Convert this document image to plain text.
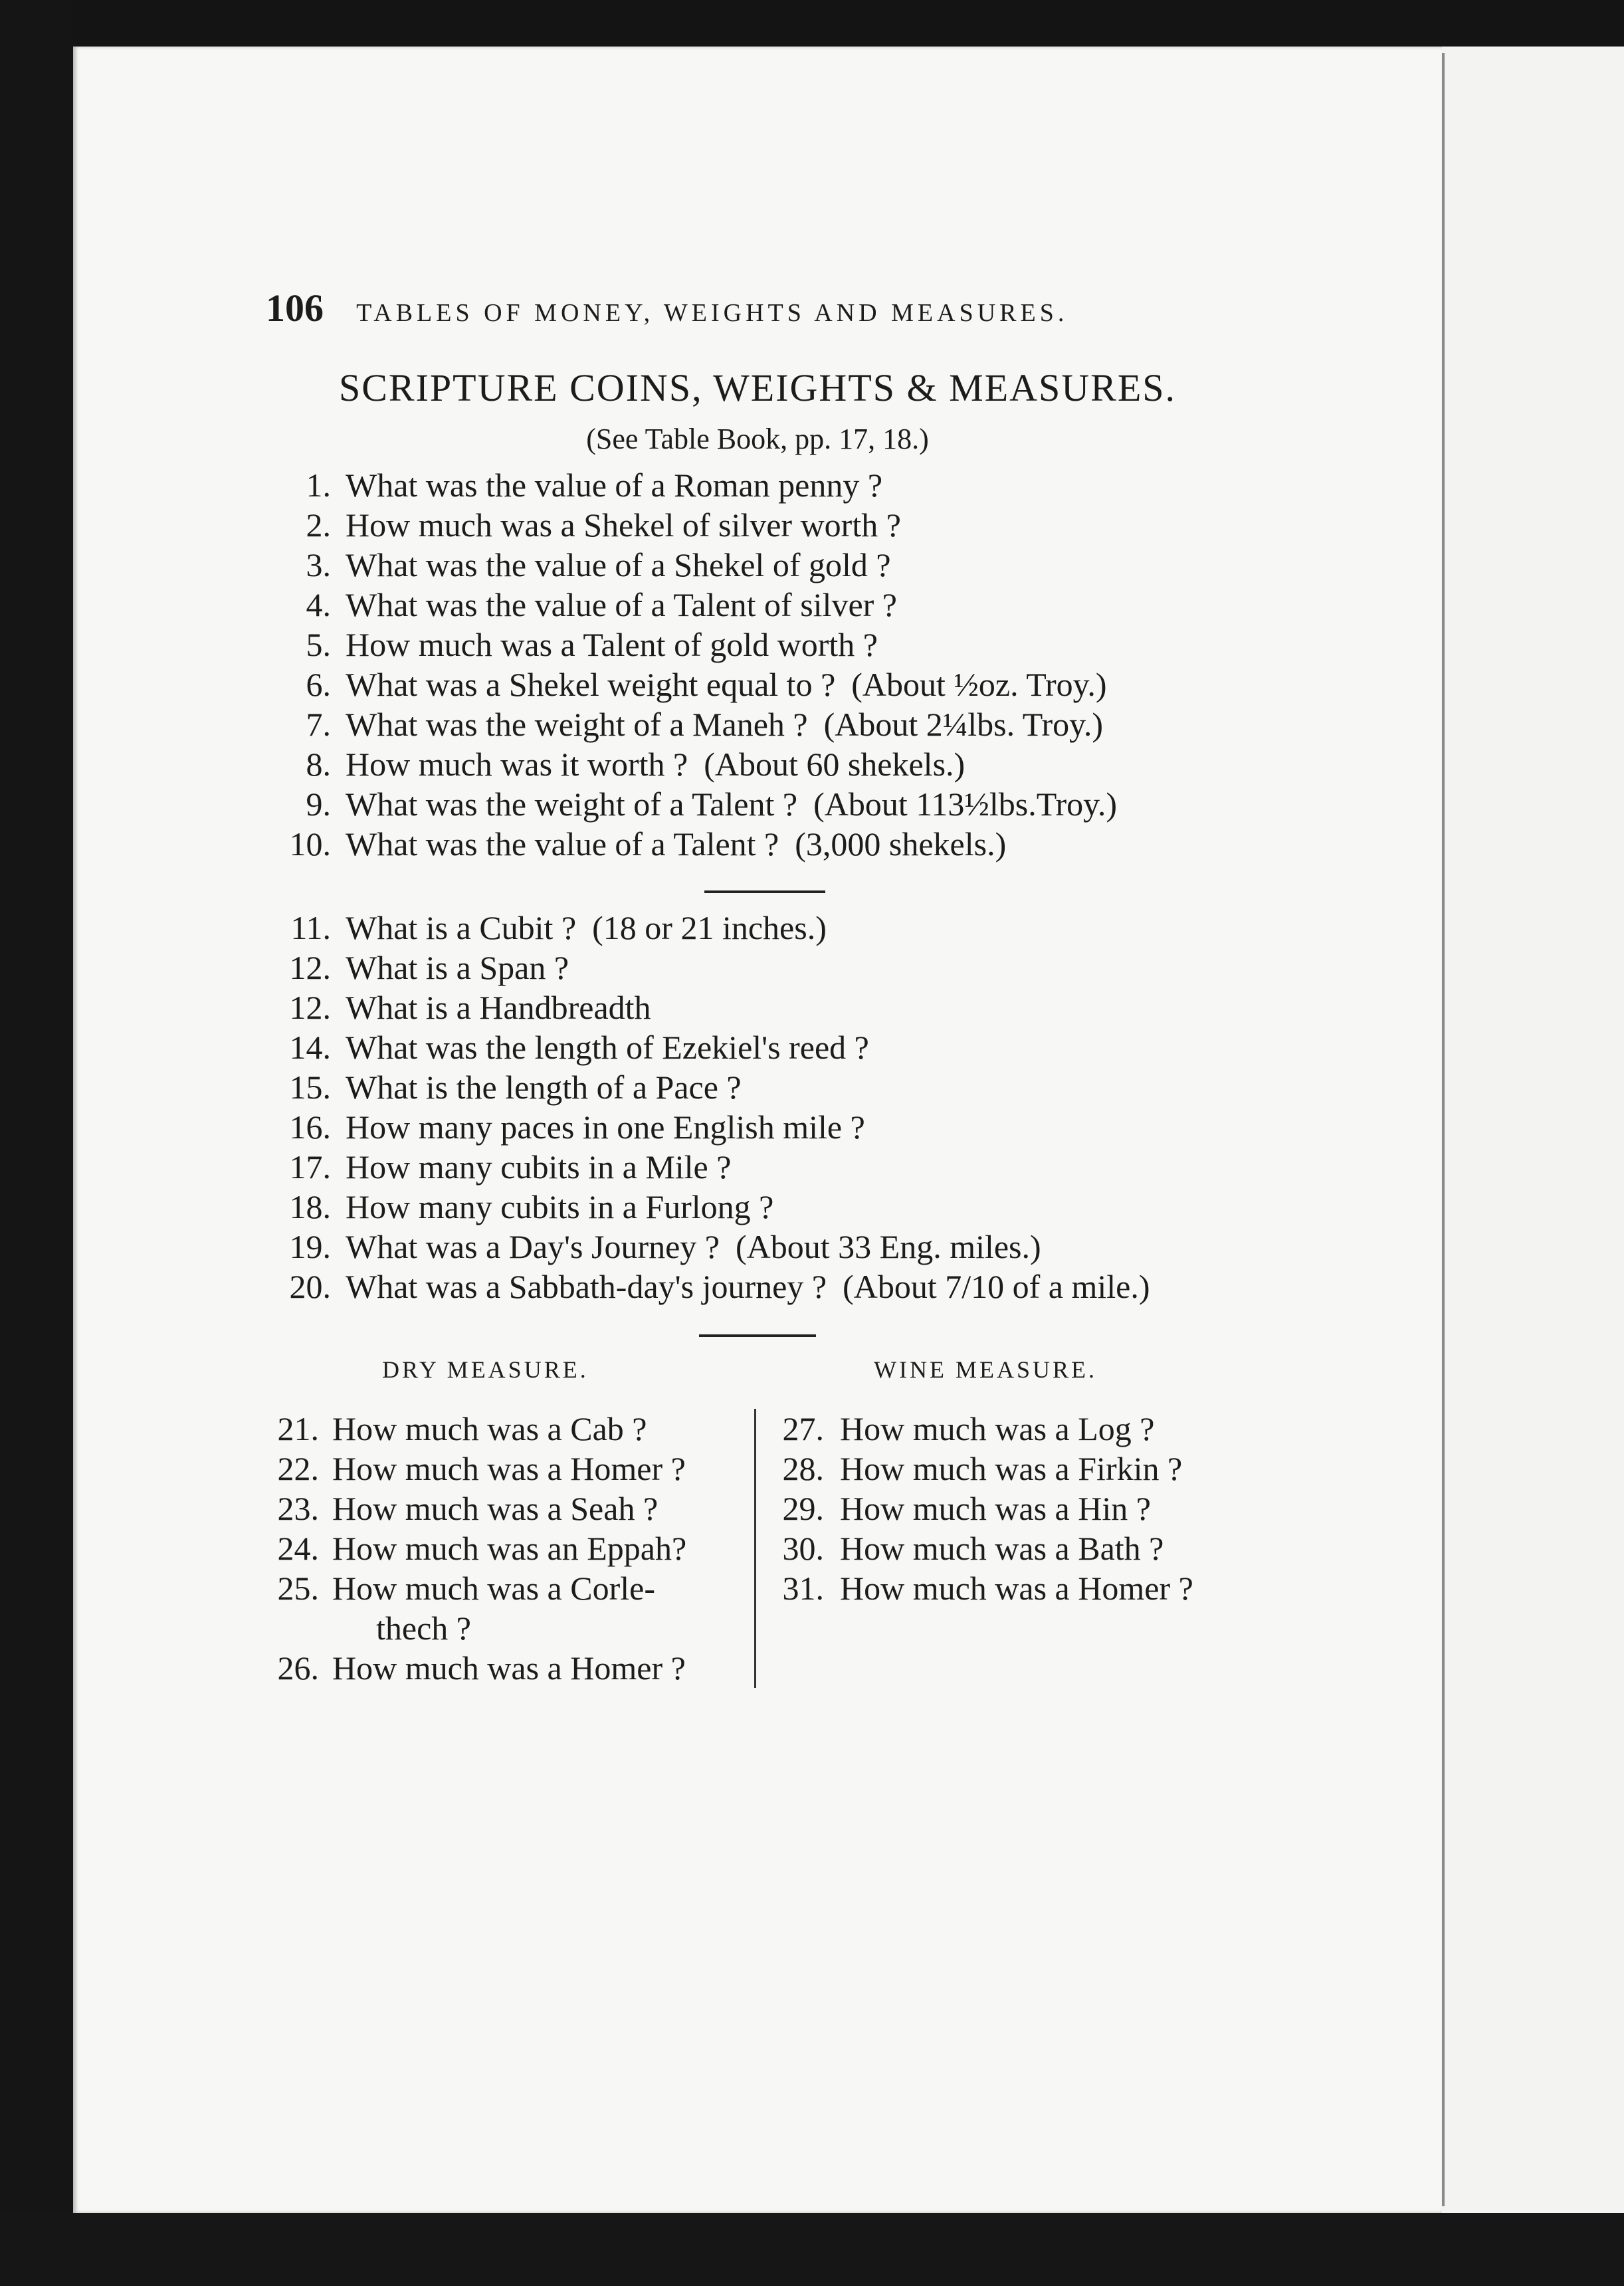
106 TABLES OF MONEY, WEIGHTS AND MEASURES.
SCRIPTURE COINS, WEIGHTS & MEASURES.
(See Table Book, pp. 17, 18.)
1. What was the value of a Roman penny ?
2. How much was a Shekel of silver worth ?
3. What was the value of a Shekel of gold ?
4. What was the value of a Talent of silver ?
5. How much was a Talent of gold worth ?
6. What was a Shekel weight equal to ? (About ½oz. Troy.)
7. What was the weight of a Maneh ? (About 2¼lbs. Troy.)
8. How much was it worth ? (About 60 shekels.)
9. What was the weight of a Talent ? (About 113½lbs.Troy.)
10. What was the value of a Talent ? (3,000 shekels.)
11. What is a Cubit ? (18 or 21 inches.)
12. What is a Span ?
12. What is a Handbreadth
14. What was the length of Ezekiel's reed ?
15. What is the length of a Pace ?
16. How many paces in one English mile ?
17. How many cubits in a Mile ?
18. How many cubits in a Furlong ?
19. What was a Day's Journey ? (About 33 Eng. miles.)
20. What was a Sabbath-day's journey ? (About 7/10 of a mile.)
DRY MEASURE.	WINE MEASURE.
21. How much was a Cab ?
22. How much was a Homer ?
23. How much was a Seah ?
24. How much was an Eppah?
25. How much was a Corle-
thech ?
26. How much was a Homer ?
27. How much was a Log ?
28. How much was a Firkin ?
29. How much was a Hin ?
30. How much was a Bath ?
31. How much was a Homer ?
